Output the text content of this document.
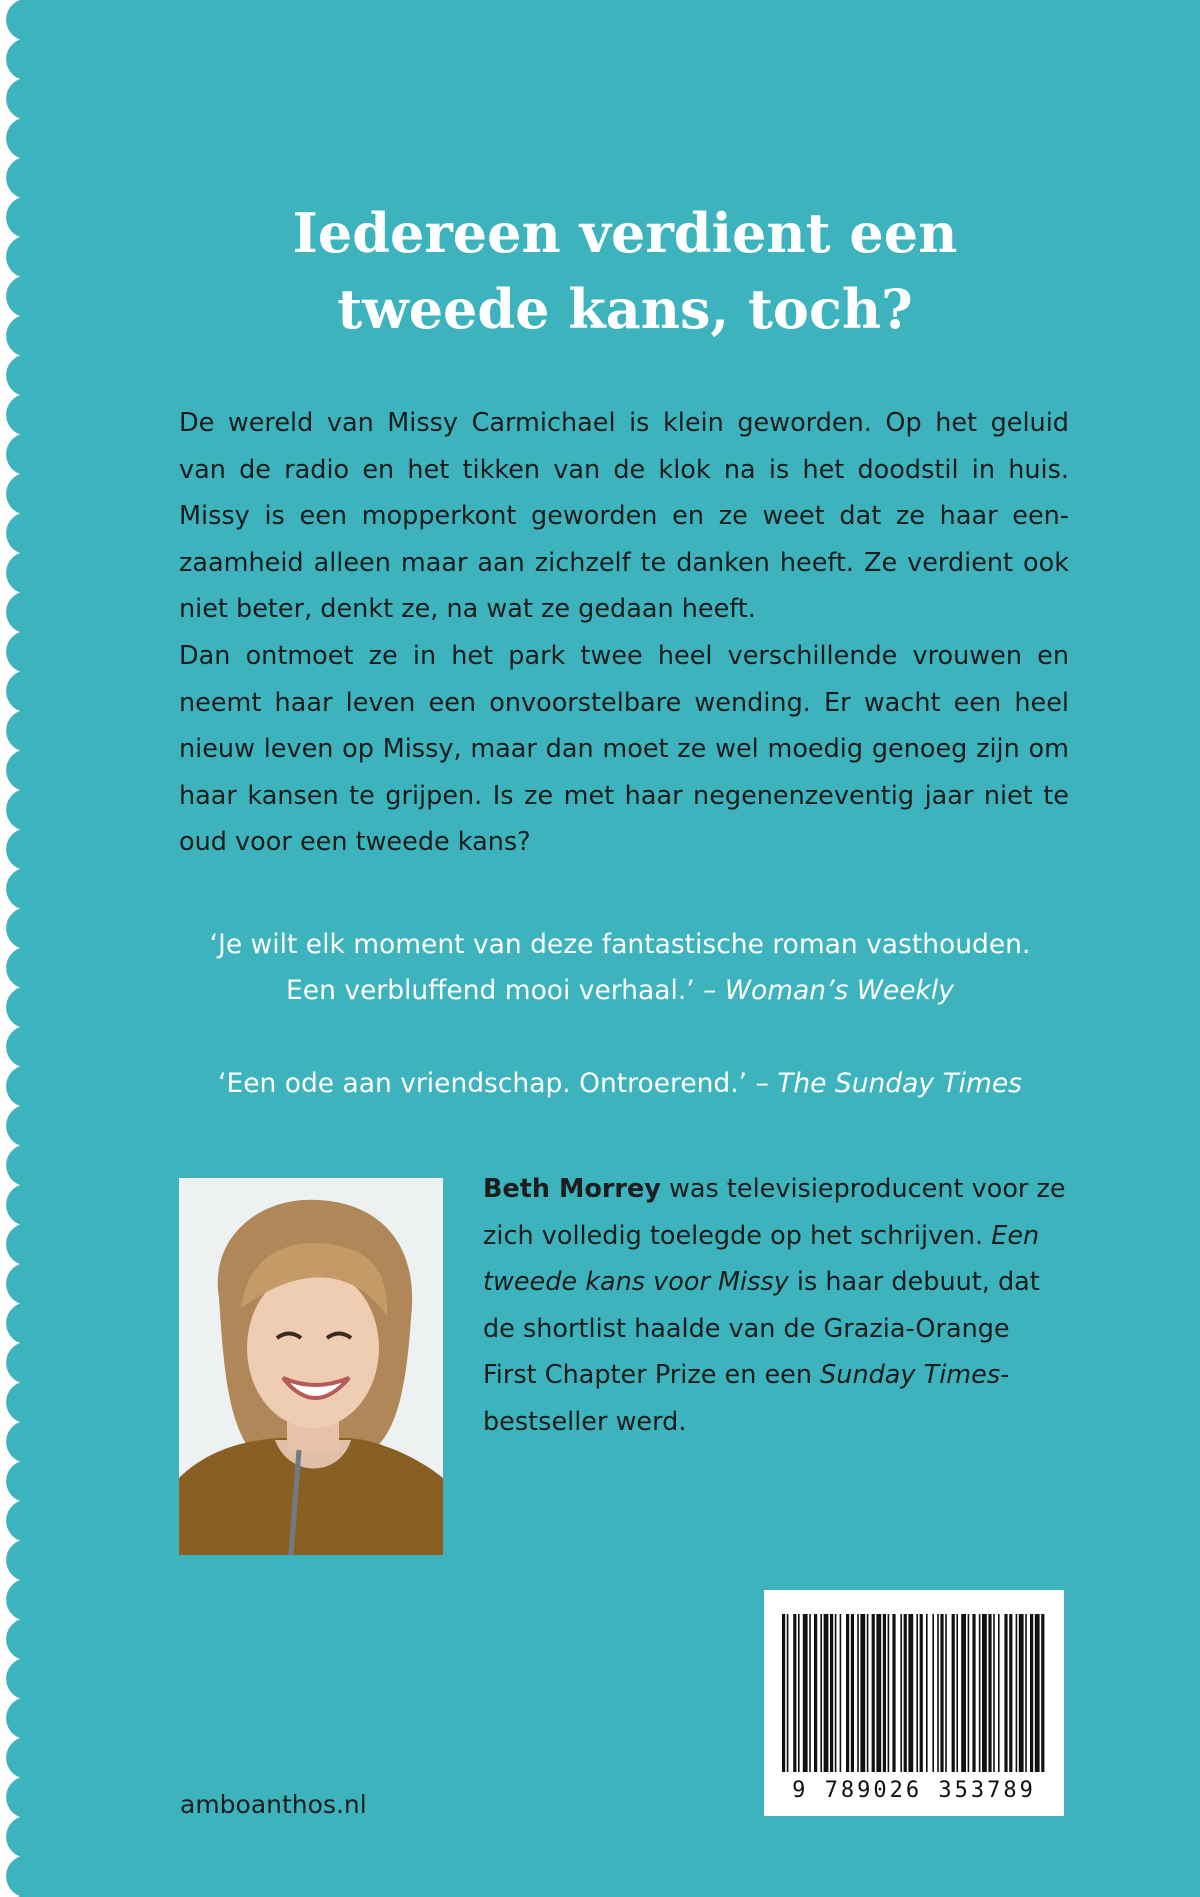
Iedereen verdient een
tweede kans, toch?

De wereld van Missy Carmichael is klein geworden. Op het geluid van de radio en het tikken van de klok na is het doodstil in huis. Missy is een mopperkont geworden en ze weet dat ze haar een-zaamheid alleen maar aan zichzelf te danken heeft. Ze verdient ook niet beter, denkt ze, na wat ze gedaan heeft.

Dan ontmoet ze in het park twee heel verschillende vrouwen en neemt haar leven een onvoorstelbare wending. Er wacht een heel nieuw leven op Missy, maar dan moet ze wel moedig genoeg zijn om haar kansen te grijpen. Is ze met haar negenenzeventig jaar niet te oud voor een tweede kans?

‘Je wilt elk moment van deze fantastische roman vasthouden.
Een verbluffend mooi verhaal.’ – Woman’s Weekly
‘Een ode aan vriendschap. Ontroerend.’ – The Sunday Times
Beth Morrey was televisieproducent voor ze zich volledig toelegde op het schrijven. Een tweede kans voor Missy is haar debuut, dat de shortlist haalde van de Grazia-Orange First Chapter Prize en een Sunday Times-bestseller werd.
9 789026 353789
amboanthos.nl
